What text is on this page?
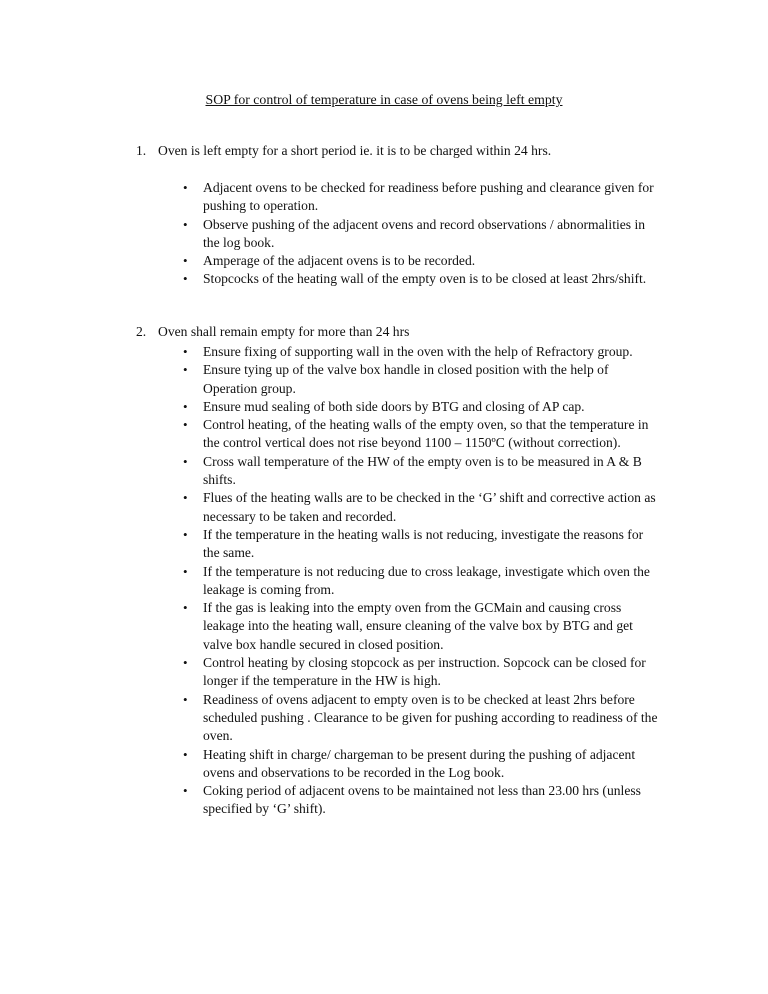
SOP for control of temperature in case of ovens being left empty
1. Oven is left empty for a short period ie. it is to be charged within 24 hrs.
• Adjacent ovens to be checked for readiness before pushing and clearance given for pushing to operation.
• Observe pushing of the adjacent ovens and record observations / abnormalities in the log book.
• Amperage of the adjacent ovens is to be recorded.
• Stopcocks of the heating wall of the empty oven is to be closed at least 2hrs/shift.
2. Oven shall remain empty for more than 24 hrs
• Ensure fixing of supporting wall in the oven with the help of Refractory group.
• Ensure tying up of the valve box handle in closed position with the help of Operation group.
• Ensure mud sealing of both side doors by BTG and closing of AP cap.
• Control heating, of the heating walls of the empty oven, so that the temperature in the control vertical does not rise beyond 1100 – 1150ºC (without correction).
• Cross wall temperature of the HW of the empty oven is to be measured in A & B shifts.
• Flues of the heating walls are to be checked in the ‘G’ shift and corrective action as necessary to be taken and recorded.
• If the temperature in the heating walls is not reducing, investigate the reasons for the same.
• If the temperature is not reducing due to cross leakage, investigate which oven the leakage is coming from.
• If the gas is leaking into the empty oven from the GCMain and causing cross leakage into the heating wall, ensure cleaning of the valve box by BTG and get valve box handle secured in closed position.
• Control heating by closing stopcock as per instruction. Sopcock can be closed for longer if the temperature in the HW is high.
• Readiness of ovens adjacent to empty oven is to be checked at least 2hrs before scheduled pushing . Clearance to be given for pushing according to readiness of the oven.
• Heating shift in charge/ chargeman to be present during the pushing of adjacent ovens and observations to be recorded in the Log book.
• Coking period of adjacent ovens to be maintained not less than 23.00 hrs (unless specified by ‘G’ shift).
